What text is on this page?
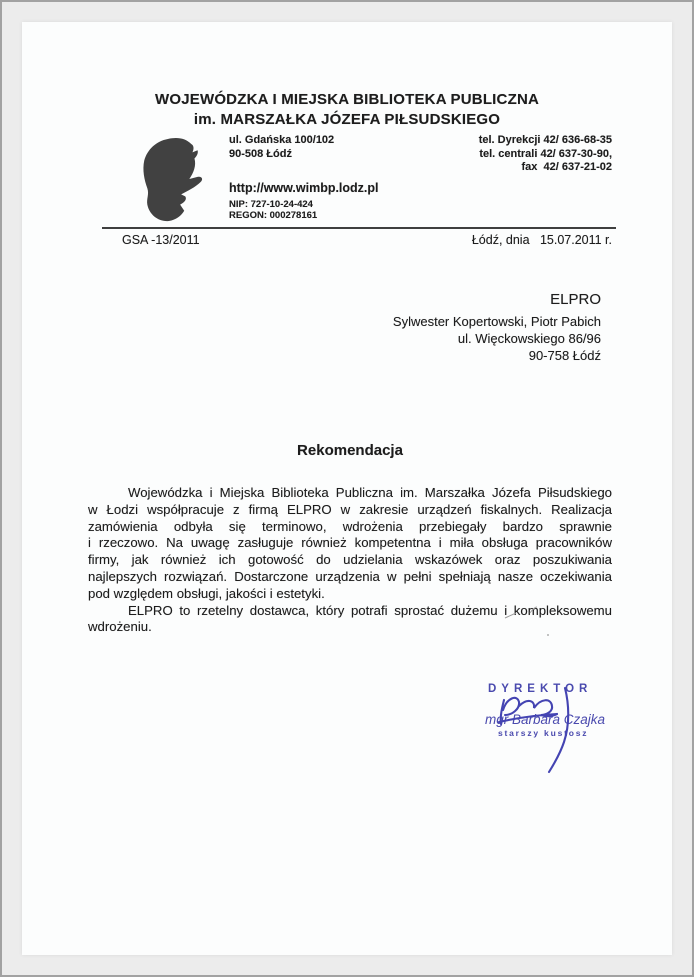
WOJEWÓDZKA I MIEJSKA BIBLIOTEKA PUBLICZNA
im. MARSZAŁKA JÓZEFA PIŁSUDSKIEGO
ul. Gdańska 100/102
90-508 Łódź
tel. Dyrekcji 42/ 636-68-35
tel. centrali 42/ 637-30-90,
fax  42/ 637-21-02
http://www.wimbp.lodz.pl
NIP: 727-10-24-424
REGON: 000278161
GSA -13/2011	Łódź, dnia   15.07.2011 r.
ELPRO
Sylwester Kopertowski, Piotr Pabich
ul. Więckowskiego 86/96
90-758 Łódź
Rekomendacja
Wojewódzka i Miejska Biblioteka Publiczna im. Marszałka Józefa Piłsudskiego
w Łodzi współpracuje z firmą ELPRO w zakresie urządzeń fiskalnych. Realizacja
zamówienia odbyła się terminowo, wdrożenia przebiegały bardzo sprawnie
i rzeczowo. Na uwagę zasługuje również kompetentna i miła obsługa pracowników
firmy, jak również ich gotowość do udzielania wskazówek oraz poszukiwania
najlepszych rozwiązań. Dostarczone urządzenia w pełni spełniają nasze oczekiwania
pod względem obsługi, jakości i estetyki.
ELPRO to rzetelny dostawca, który potrafi sprostać dużemu i kompleksowemu
wdrożeniu.
DYREKTOR
mgr Barbara Czajka
starszy kustosz
